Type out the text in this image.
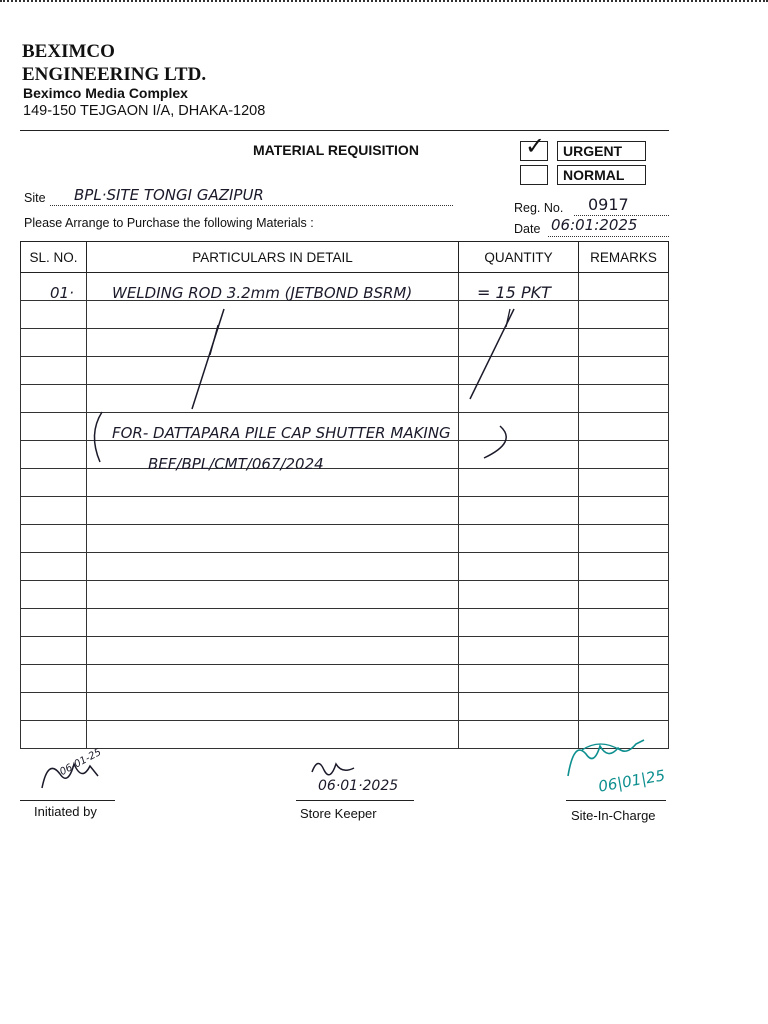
BEXIMCO
ENGINEERING LTD.
Beximco Media Complex
149-150 TEJGAON I/A, DHAKA-1208
MATERIAL REQUISITION	✓	URGENT
NORMAL
Site BPL·SITE TONGI GAZIPUR
Please Arrange to Purchase the following Materials :
Reg. No. 0917
Date 06:01:2025
SL. NO.	PARTICULARS IN DETAIL	QUANTITY	REMARKS

01·	WELDING ROD 3.2mm (JETBOND BSRM)	= 15 PKT
FOR- DATTAPARA PILE CAP SHUTTER MAKING
BEF/BPL/CMT/067/2024
06-01-25
Initiated by
06·01·2025
Store Keeper
06|01|25
Site-In-Charge
